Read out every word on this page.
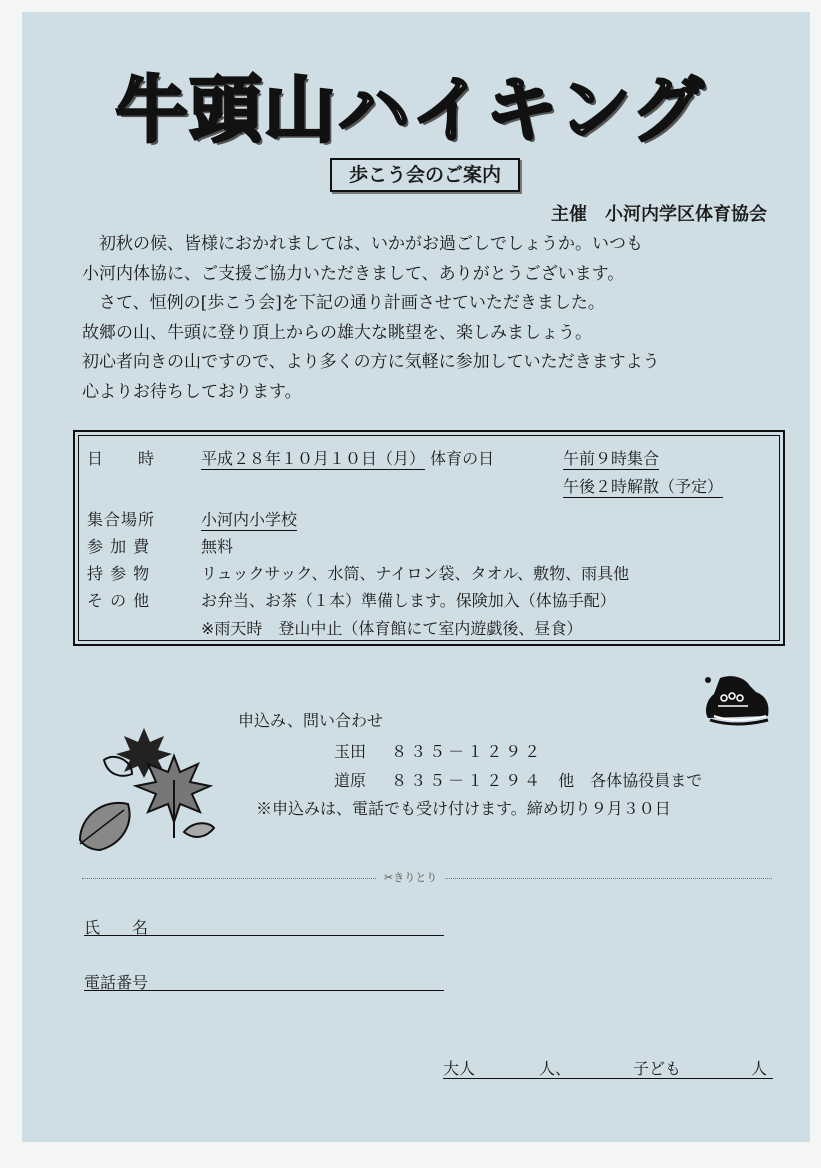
牛頭山ハイキング
歩こう会のご案内
主催　小河内学区体育協会

　初秋の候、皆様におかれましては、いかがお過ごしでしょうか。いつも

小河内体協に、ご支援ご協力いただきまして、ありがとうございます。

　さて、恒例の[歩こう会]を下記の通り計画させていただきました。

故郷の山、牛頭に登り頂上からの雄大な眺望を、楽しみましょう。

初心者向きの山ですので、より多くの方に気軽に参加していただきますよう

心よりお待ちしております。

日　　時	平成２８年１０月１０日（月） 体育の日	午前９時集合
午後２時解散（予定）
集合場所	小河内小学校
参 加 費	無料
持 参 物	リュックサック、水筒、ナイロン袋、タオル、敷物、雨具他
そ の 他	お弁当、お茶（１本）準備します。保険加入（体協手配）
※雨天時　登山中止（体育館にて室内遊戯後、昼食）
申込み、問い合わせ
玉田 ８３５－１２９２
道原 ８３５－１２９４ 他　各体協役員まで
※申込みは、電話でも受け付けます。締め切り９月３０日
✂きりとり
氏　　名
電話番号
大人	人、	子ども	人
